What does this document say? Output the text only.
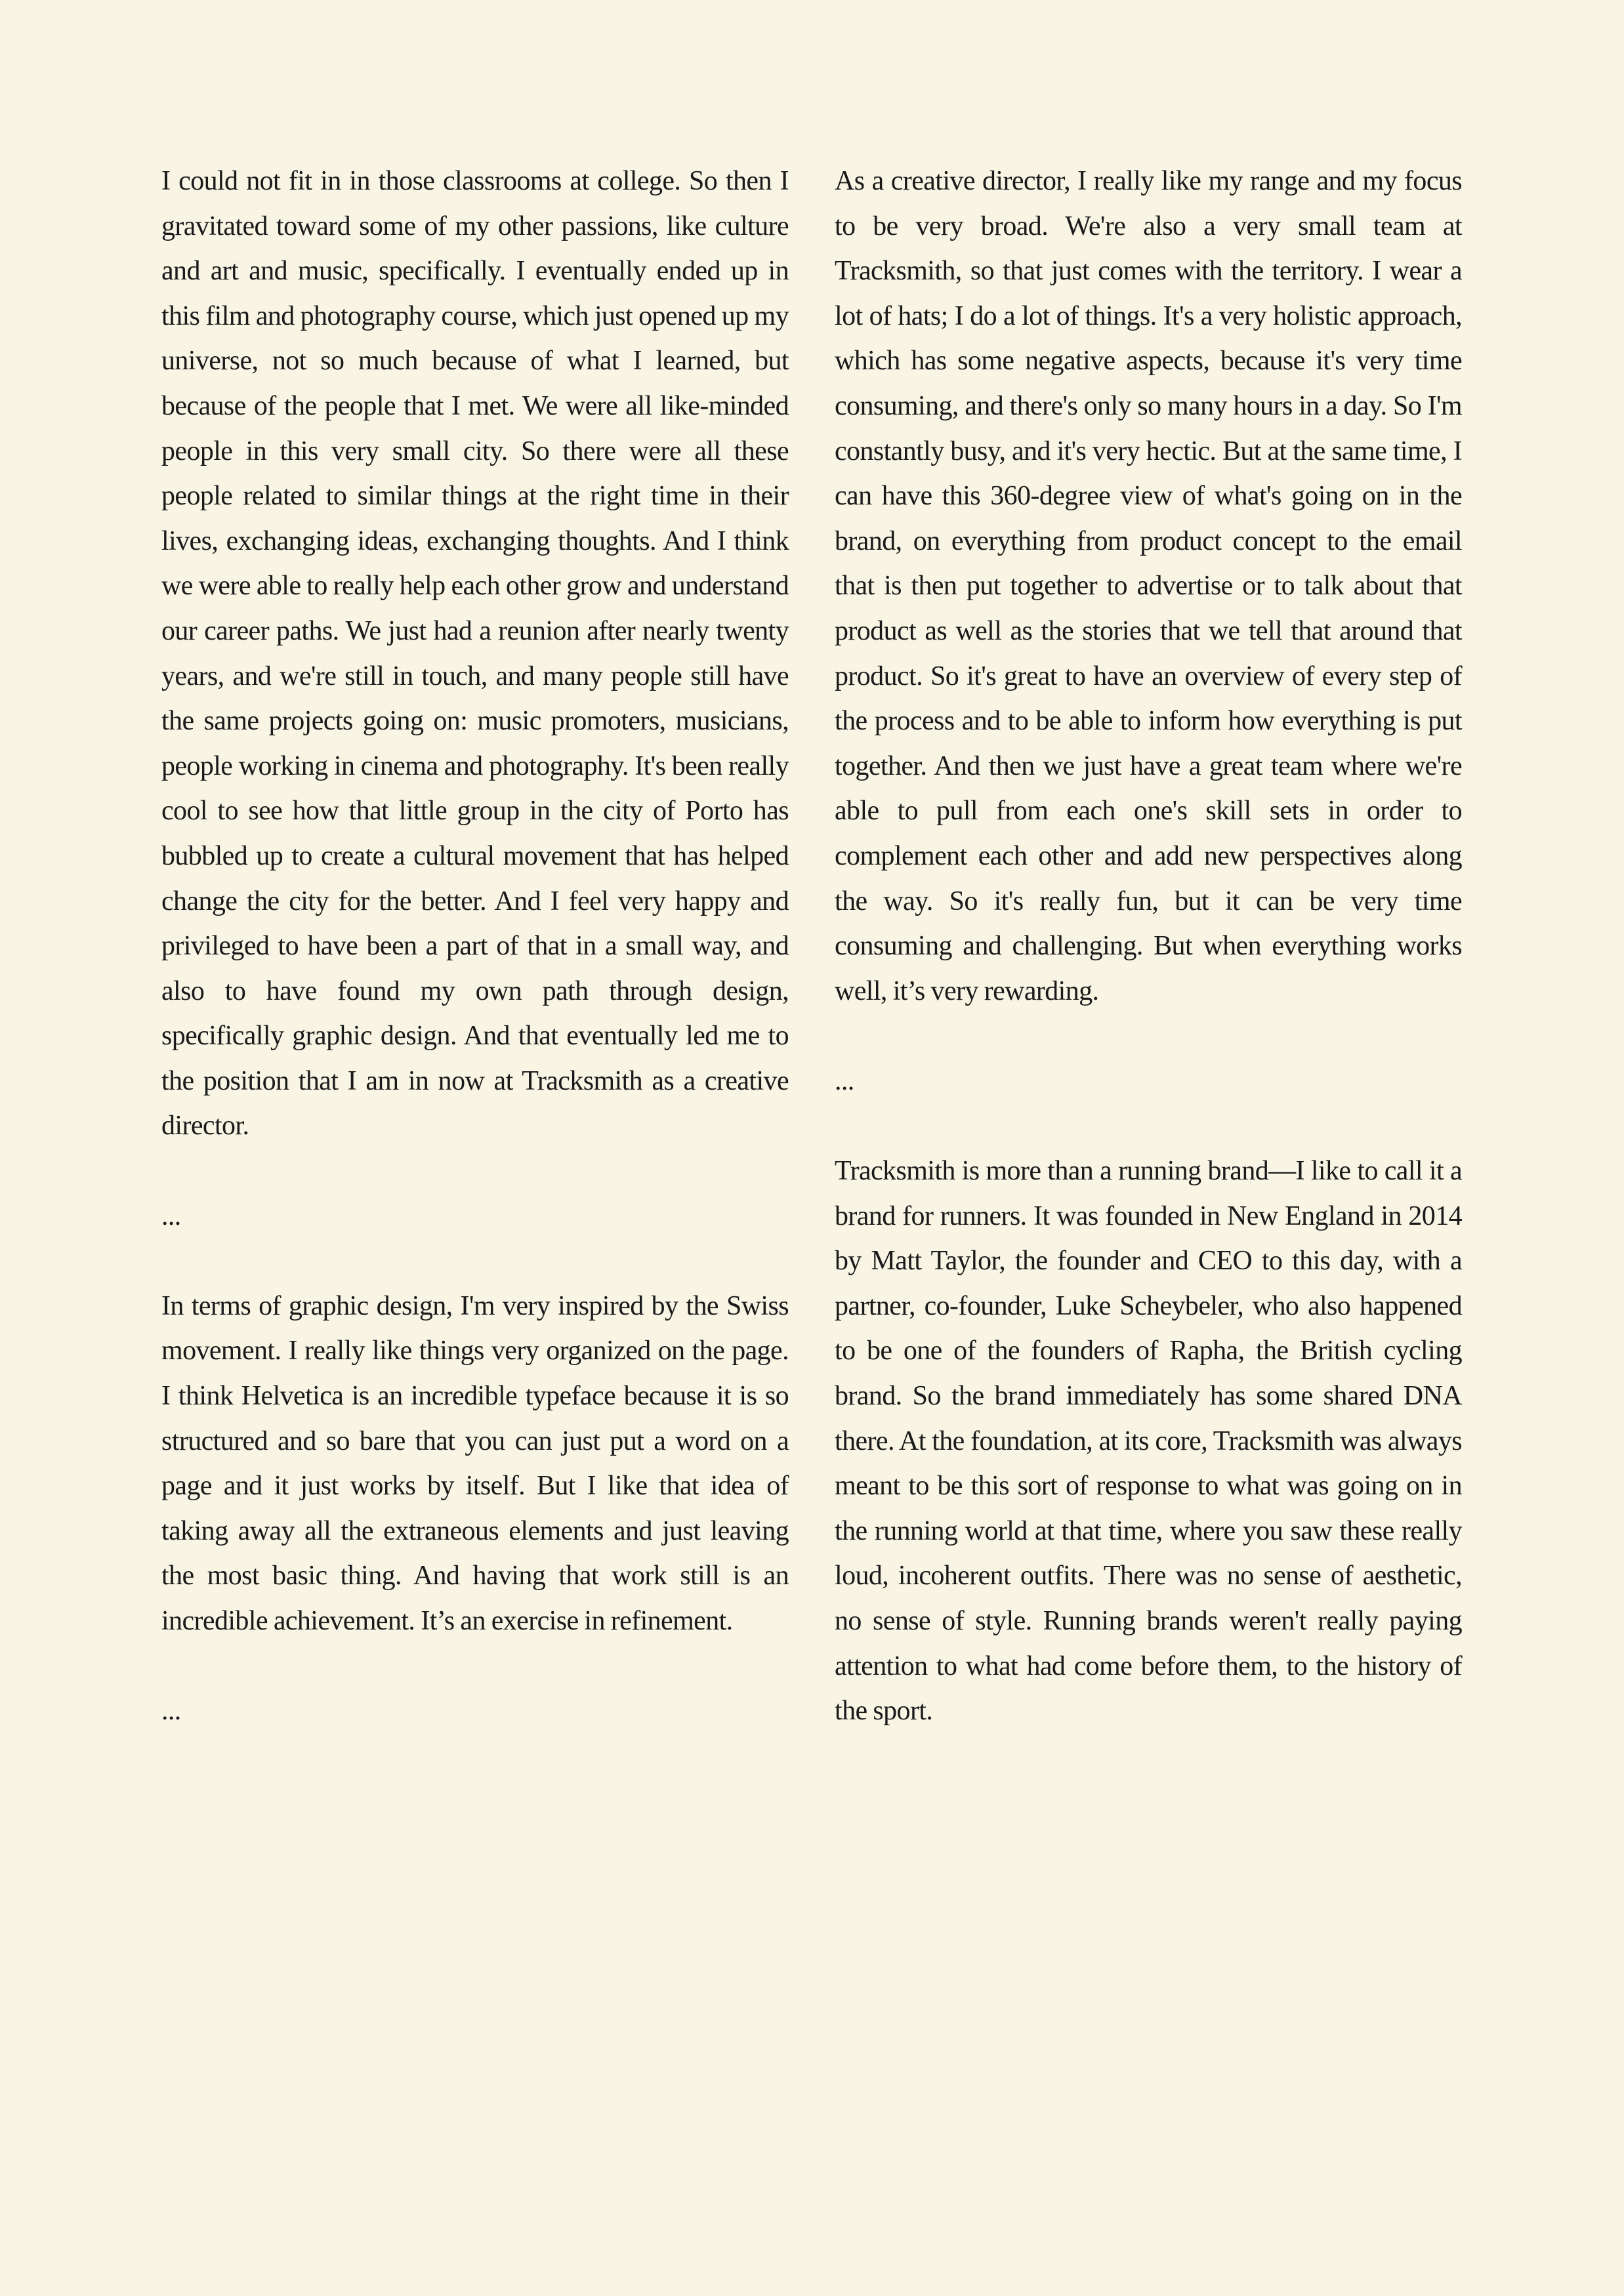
I could not fit in in those classrooms at college. So then I gravitated toward some of my other passions, like culture and art and music, specifically. I eventually ended up in this film and photography course, which just opened up my universe, not so much because of what I learned, but because of the people that I met. We were all like-minded people in this very small city. So there were all these people related to similar things at the right time in their lives, exchanging ideas, exchanging thoughts. And I think we were able to really help each other grow and understand our career paths. We just had a reunion after nearly twenty years, and we're still in touch, and many people still have the same projects going on: music promoters, musicians, people working in cinema and photography. It's been really cool to see how that little group in the city of Porto has bubbled up to create a cultural movement that has helped change the city for the better. And I feel very happy and privileged to have been a part of that in a small way, and also to have found my own path through design, specifically graphic design. And that eventually led me to the position that I am in now at Tracksmith as a creative director.

...

In terms of graphic design, I'm very inspired by the Swiss movement. I really like things very organized on the page. I think Helvetica is an incredible typeface because it is so structured and so bare that you can just put a word on a page and it just works by itself. But I like that idea of taking away all the extraneous elements and just leaving the most basic thing. And having that work still is an incredible achievement. It’s an exercise in refinement.

...

As a creative director, I really like my range and my focus to be very broad. We're also a very small team at Tracksmith, so that just comes with the territory. I wear a lot of hats; I do a lot of things. It's a very holistic approach, which has some negative aspects, because it's very time consuming, and there's only so many hours in a day. So I'm constantly busy, and it's very hectic. But at the same time, I can have this 360-degree view of what's going on in the brand, on everything from product concept to the email that is then put together to advertise or to talk about that product as well as the stories that we tell that around that product. So it's great to have an overview of every step of the process and to be able to inform how everything is put together. And then we just have a great team where we're able to pull from each one's skill sets in order to complement each other and add new perspectives along the way. So it's really fun, but it can be very time consuming and challenging. But when everything works well, it’s very rewarding.

...

Tracksmith is more than a running brand—I like to call it a brand for runners. It was founded in New England in 2014 by Matt Taylor, the founder and CEO to this day, with a partner, co-founder, Luke Scheybeler, who also happened to be one of the founders of Rapha, the British cycling brand. So the brand immediately has some shared DNA there. At the foundation, at its core, Tracksmith was always meant to be this sort of response to what was going on in the running world at that time, where you saw these really loud, incoherent outfits. There was no sense of aesthetic, no sense of style. Running brands weren't really paying attention to what had come before them, to the history of the sport.
